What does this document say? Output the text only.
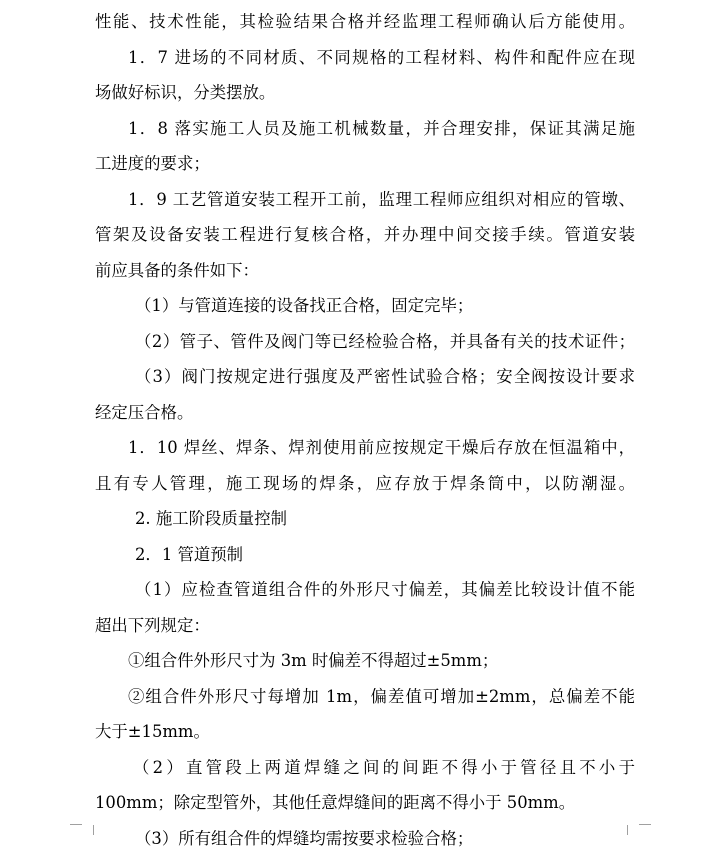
性能、技术性能，其检验结果合格并经监理工程师确认后方能使用。
1．7 进场的不同材质、不同规格的工程材料、构件和配件应在现
场做好标识，分类摆放。
1．8 落实施工人员及施工机械数量，并合理安排，保证其满足施
工进度的要求；
1．9 工艺管道安装工程开工前，监理工程师应组织对相应的管墩、
管架及设备安装工程进行复核合格，并办理中间交接手续。管道安装
前应具备的条件如下：
（1）与管道连接的设备找正合格，固定完毕；
（2）管子、管件及阀门等已经检验合格，并具备有关的技术证件；
（3）阀门按规定进行强度及严密性试验合格；安全阀按设计要求
经定压合格。
1．10 焊丝、焊条、焊剂使用前应按规定干燥后存放在恒温箱中，
且有专人管理，施工现场的焊条，应存放于焊条筒中，以防潮湿。
2. 施工阶段质量控制
2．1 管道预制
（1）应检查管道组合件的外形尺寸偏差，其偏差比较设计值不能
超出下列规定：
①组合件外形尺寸为 3m 时偏差不得超过±5mm；
②组合件外形尺寸每增加 1m，偏差值可增加±2mm，总偏差不能
大于±15mm。
（2）直管段上两道焊缝之间的间距不得小于管径且不小于
100mm；除定型管外，其他任意焊缝间的距离不得小于 50mm。
（3）所有组合件的焊缝均需按要求检验合格；
